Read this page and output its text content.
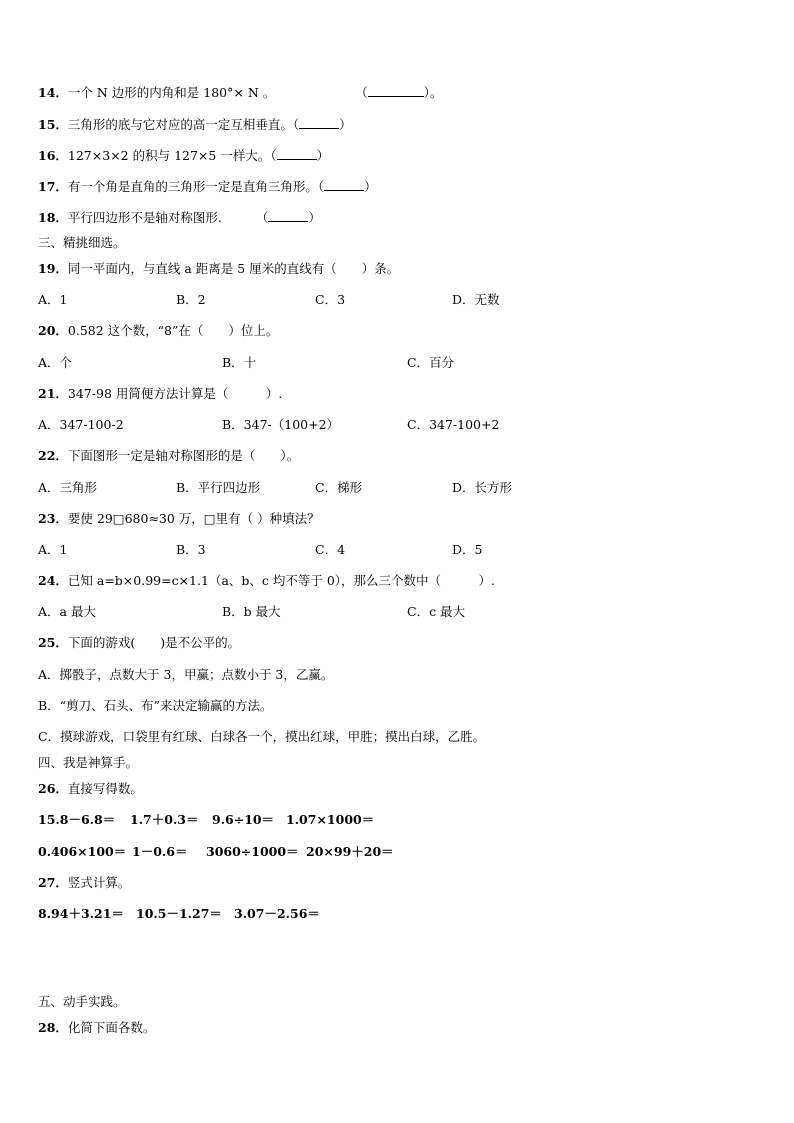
14．一个 N 边形的内角和是 180°× N 。	（	）。
15．三角形的底与它对应的高一定互相垂直。（	）
16．127×3×2 的积与 127×5 一样大。（	）
17．有一个角是直角的三角形一定是直角三角形。（	）
18．平行四边形不是轴对称图形.	（	）
三、精挑细选。
19．同一平面内，与直线 a 距离是 5 厘米的直线有（　　）条。
A．1	B．2	C．3	D．无数
20．0.582 这个数，“8”在（　　）位上。
A．个	B．十	C．百分
21．347-98 用简便方法计算是（　　　）.
A．347-100-2	B．347-（100+2）	C．347-100+2
22．下面图形一定是轴对称图形的是（　　）。
A．三角形	B．平行四边形	C．梯形	D．长方形
23．要使 29□680≈30 万，□里有（ ）种填法？
A．1	B．3	C．4	D．5
24．已知 a=b×0.99=c×1.1（a、b、c 均不等于 0），那么三个数中（　　　）.
A．a 最大	B．b 最大	C．c 最大
25．下面的游戏(　　)是不公平的。
A．掷骰子，点数大于 3，甲赢；点数小于 3，乙赢。
B．“剪刀、石头、布”来决定输赢的方法。
C．摸球游戏，口袋里有红球、白球各一个，摸出红球，甲胜；摸出白球，乙胜。
四、我是神算手。
26．直接写得数。
15.8－6.8＝ 1.7＋0.3＝ 9.6÷10＝ 1.07×1000＝
0.406×100＝ 1－0.6＝ 3060÷1000＝ 20×99＋20＝
27．竖式计算。
8.94＋3.21＝ 10.5－1.27＝ 3.07－2.56＝
五、动手实践。
28．化简下面各数。
